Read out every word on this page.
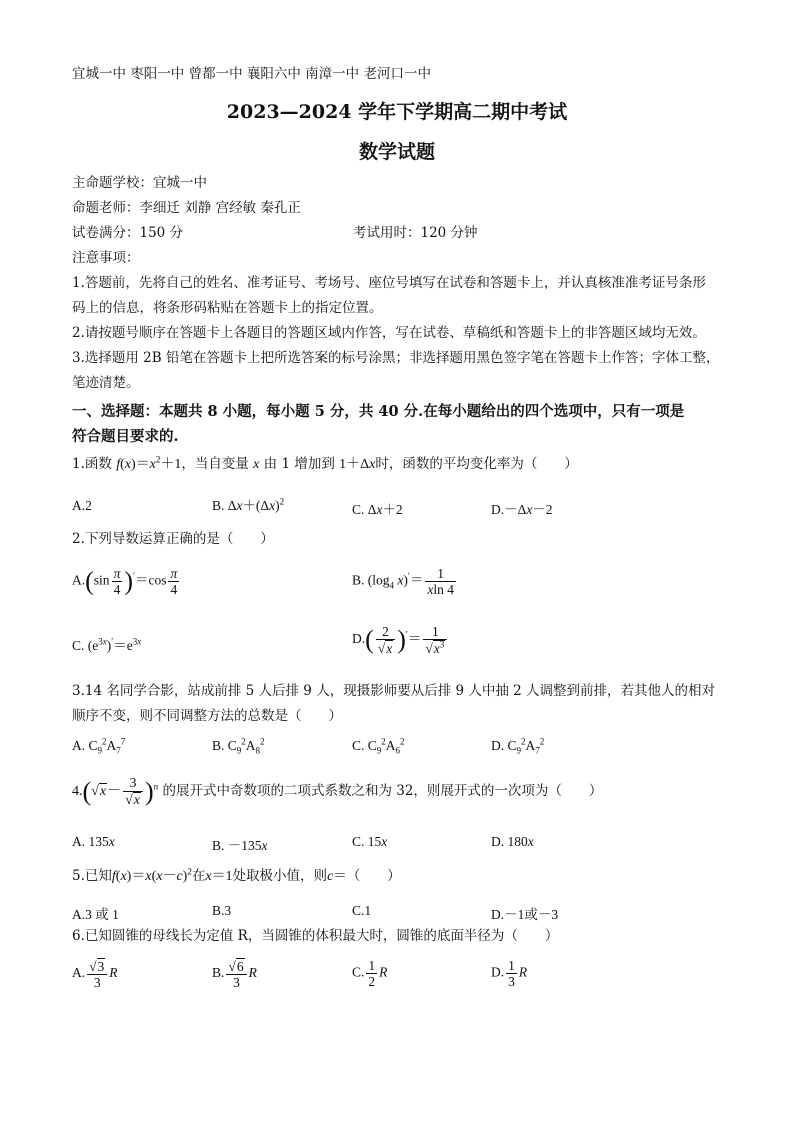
宜城一中 枣阳一中 曾都一中 襄阳六中 南漳一中 老河口一中
2023—2024 学年下学期高二期中考试
数学试题
主命题学校：宜城一中
命题老师：李细迁 刘静 宫经敏 秦孔正
试卷满分：150 分	考试用时：120 分钟
注意事项：
1.答题前，先将自己的姓名、准考证号、考场号、座位号填写在试卷和答题卡上，并认真核准准考证号条形
码上的信息，将条形码粘贴在答题卡上的指定位置。
2.请按题号顺序在答题卡上各题目的答题区域内作答，写在试卷、草稿纸和答题卡上的非答题区域均无效。
3.选择题用 2B 铅笔在答题卡上把所选答案的标号涂黑；非选择题用黑色签字笔在答题卡上作答；字体工整，
笔迹清楚。
一、选择题：本题共 8 小题，每小题 5 分，共 40 分.在每小题给出的四个选项中，只有一项是
符合题目要求的.
1.函数 $f(x)=x^2+1$，当自变量 x 由 1 增加到 1＋Δx时，函数的平均变化率为（　　）
A.2	B. $\Delta x+(\Delta x)^2$
C. Δx＋2	D.－Δx－2
2.下列导数运算正确的是（　　）
$A.(\sin \frac{\pi}{4} )'=\cos \frac{\pi}{4}$	B. ($\log_4$ $x)'= \frac{1}{xln 4}$
C. $(e^{3x})'=e^{3x}$	$D.( \frac{2}{√x} )'= \frac{1}{√x^3}$
3.14 名同学合影，站成前排 5 人后排 9 人，现摄影师要从后排 9 人中抽 2 人调整到前排，若其他人的相对
顺序不变，则不同调整方法的总数是（　　）
A. $C_9^2A_7^7$	B. $C_9^2A_8^2$	C. $C_9^2A_6^2$	D. $C_9^2A_7^2$
$4.(√x- \frac{3}{√x} )^n$ 的展开式中奇数项的二项式系数之和为 32，则展开式的一次项为（　　）
A. 135x	B. －135x	C. 15x	D. 180x
5.已知$f(x)=x(x-c)^2$在x＝1处取极小值，则c＝（　　）
A.3 或 1	B.3	C.1	D.－1或－3
6.已知圆锥的母线长为定值 R，当圆锥的体积最大时，圆锥的底面半径为（　　）
A. $\frac{√3}{3}$ R	B. $\frac{√6}{3}$ R	C. $\frac{1}{2}$ R	D. $\frac{1}{3}$ R
